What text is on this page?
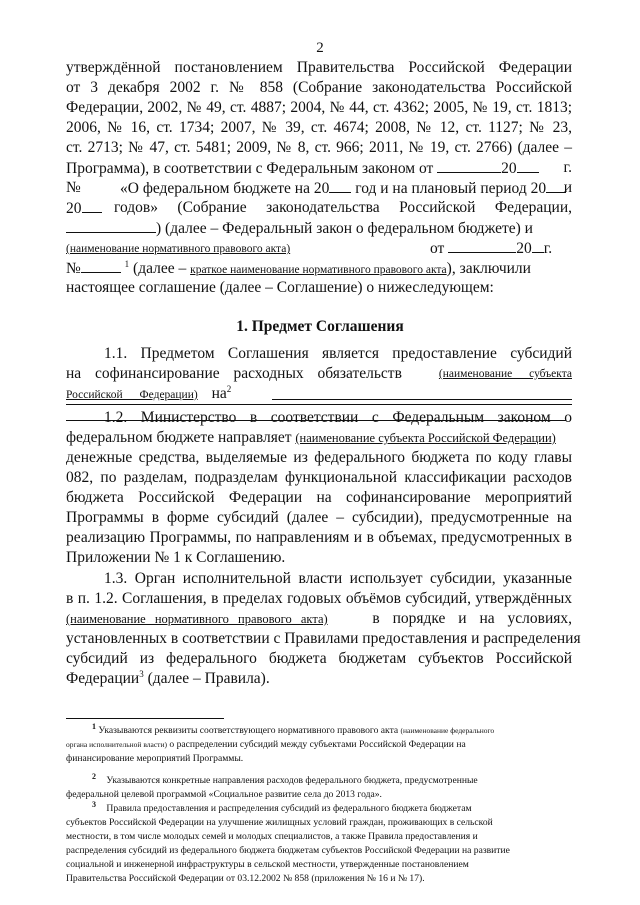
2
утверждённой постановлением Правительства Российской Федерации
от 3 декабря 2002 г. № 858 (Собрание законодательства Российской
Федерации, 2002, № 49, ст. 4887; 2004, № 44, ст. 4362; 2005, № 19, ст. 1813;
2006, № 16, ст. 1734; 2007, № 39, ст. 4674; 2008, № 12, ст. 1127; № 23,
ст. 2713; № 47, ст. 5481; 2009, № 8, ст. 966; 2011, № 19, ст. 2766) (далее –
Программа), в соответствии с Федеральным законом от	20	г.
№	«О федеральном бюджете на 20 год и на плановый период 20	и
20 годов» (Собрание законодательства Российской Федерации,
) (далее – Федеральный закон о федеральном бюджете) и
(наименование нормативного правового акта)	от	20 г.
№	$^1$ (далее – краткое наименование нормативного правового акта), заключили
настоящее соглашение (далее – Соглашение) о нижеследующем:
1. Предмет Соглашения
1.1. Предметом Соглашения является предоставление субсидий
на софинансирование расходных обязательств	(наименование субъекта
Российской Федерации) $на^2$
1.2. Министерство в соответствии с Федеральным законом о
федеральном бюджете направляет (наименование субъекта Российской Федерации)
денежные средства, выделяемые из федерального бюджета по коду главы
082, по разделам, подразделам функциональной классификации расходов
бюджета Российской Федерации на софинансирование мероприятий
Программы в форме субсидий (далее – субсидии), предусмотренные на
реализацию Программы, по направлениям и в объемах, предусмотренных в
Приложении № 1 к Соглашению.
1.3. Орган исполнительной власти использует субсидии, указанные
в п. 1.2. Соглашения, в пределах годовых объёмов субсидий, утверждённых
(наименование нормативного правового акта)	в порядке и на условиях,
установленных в соответствии с Правилами предоставления и распределения
субсидий из федерального бюджета бюджетам субъектов Российской
Федерации$^3$ (далее – Правила).
$^1$ Указываются реквизиты соответствующего нормативного правового акта (наименование федерального
органа исполнительной власти) о распределении субсидий между субъектами Российской Федерации на
финансирование мероприятий Программы.
$^2$ Указываются конкретные направления расходов федерального бюджета, предусмотренные
федеральной целевой программой «Социальное развитие села до 2013 года».
$^3$ Правила предоставления и распределения субсидий из федерального бюджета бюджетам
субъектов Российской Федерации на улучшение жилищных условий граждан, проживающих в сельской
местности, в том числе молодых семей и молодых специалистов, а также Правила предоставления и
распределения субсидий из федерального бюджета бюджетам субъектов Российской Федерации на развитие
социальной и инженерной инфраструктуры в сельской местности, утвержденные постановлением
Правительства Российской Федерации от 03.12.2002 № 858 (приложения № 16 и № 17).
